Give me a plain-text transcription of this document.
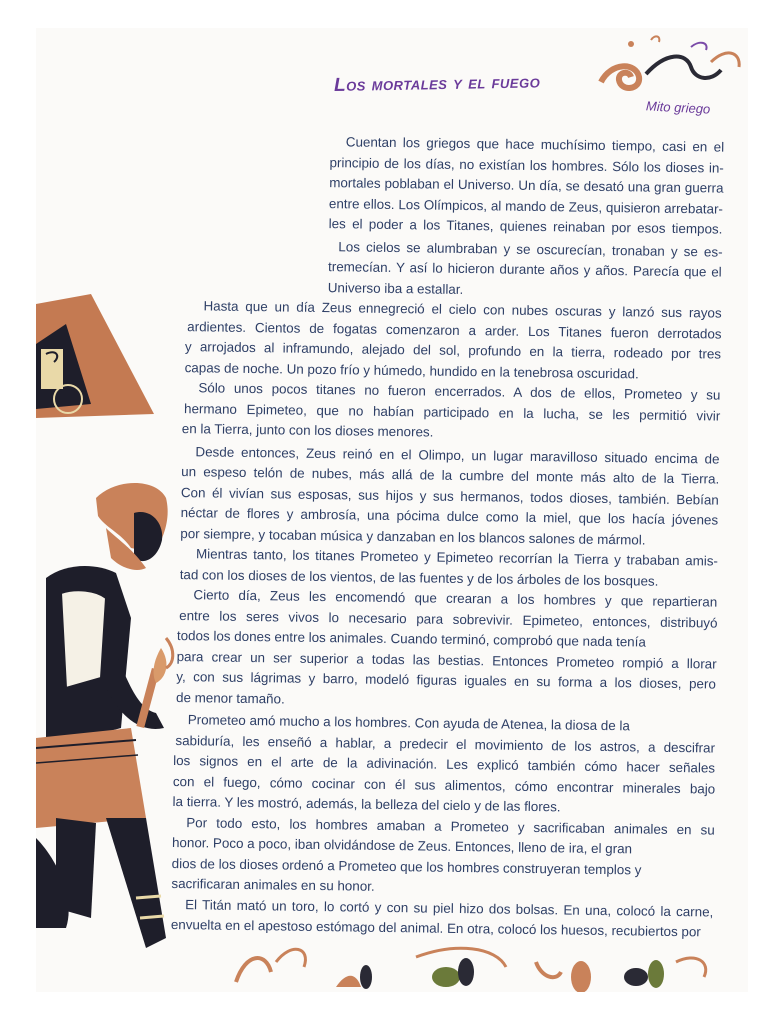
Los mortales y el fuego
Mito griego
Cuentan los griegos que hace muchísimo tiempo, casi en el
principio de los días, no existían los hombres. Sólo los dioses in-
mortales poblaban el Universo. Un día, se desató una gran guerra
entre ellos. Los Olímpicos, al mando de Zeus, quisieron arrebatar-
les el poder a los Titanes, quienes reinaban por esos tiempos.
Los cielos se alumbraban y se oscurecían, tronaban y se es-
tremecían. Y así lo hicieron durante años y años. Parecía que el
Universo iba a estallar.
Hasta que un día Zeus ennegreció el cielo con nubes oscuras y lanzó sus rayos
ardientes. Cientos de fogatas comenzaron a arder. Los Titanes fueron derrotados
y arrojados al inframundo, alejado del sol, profundo en la tierra, rodeado por tres
capas de noche. Un pozo frío y húmedo, hundido en la tenebrosa oscuridad.
Sólo unos pocos titanes no fueron encerrados. A dos de ellos, Prometeo y su
hermano Epimeteo, que no habían participado en la lucha, se les permitió vivir
en la Tierra, junto con los dioses menores.
Desde entonces, Zeus reinó en el Olimpo, un lugar maravilloso situado encima de
un espeso telón de nubes, más allá de la cumbre del monte más alto de la Tierra.
Con él vivían sus esposas, sus hijos y sus hermanos, todos dioses, también. Bebían
néctar de flores y ambrosía, una pócima dulce como la miel, que los hacía jóvenes
por siempre, y tocaban música y danzaban en los blancos salones de mármol.
Mientras tanto, los titanes Prometeo y Epimeteo recorrían la Tierra y trababan amis-
tad con los dioses de los vientos, de las fuentes y de los árboles de los bosques.
Cierto día, Zeus les encomendó que crearan a los hombres y que repartieran
entre los seres vivos lo necesario para sobrevivir. Epimeteo, entonces, distribuyó
todos los dones entre los animales. Cuando terminó, comprobó que nada tenía
para crear un ser superior a todas las bestias. Entonces Prometeo rompió a llorar
y, con sus lágrimas y barro, modeló figuras iguales en su forma a los dioses, pero
de menor tamaño.
Prometeo amó mucho a los hombres. Con ayuda de Atenea, la diosa de la
sabiduría, les enseñó a hablar, a predecir el movimiento de los astros, a descifrar
los signos en el arte de la adivinación. Les explicó también cómo hacer señales
con el fuego, cómo cocinar con él sus alimentos, cómo encontrar minerales bajo
la tierra. Y les mostró, además, la belleza del cielo y de las flores.
Por todo esto, los hombres amaban a Prometeo y sacrificaban animales en su
honor. Poco a poco, iban olvidándose de Zeus. Entonces, lleno de ira, el gran
dios de los dioses ordenó a Prometeo que los hombres construyeran templos y
sacrificaran animales en su honor.
El Titán mató un toro, lo cortó y con su piel hizo dos bolsas. En una, colocó la carne,
envuelta en el apestoso estómago del animal. En otra, colocó los huesos, recubiertos por
